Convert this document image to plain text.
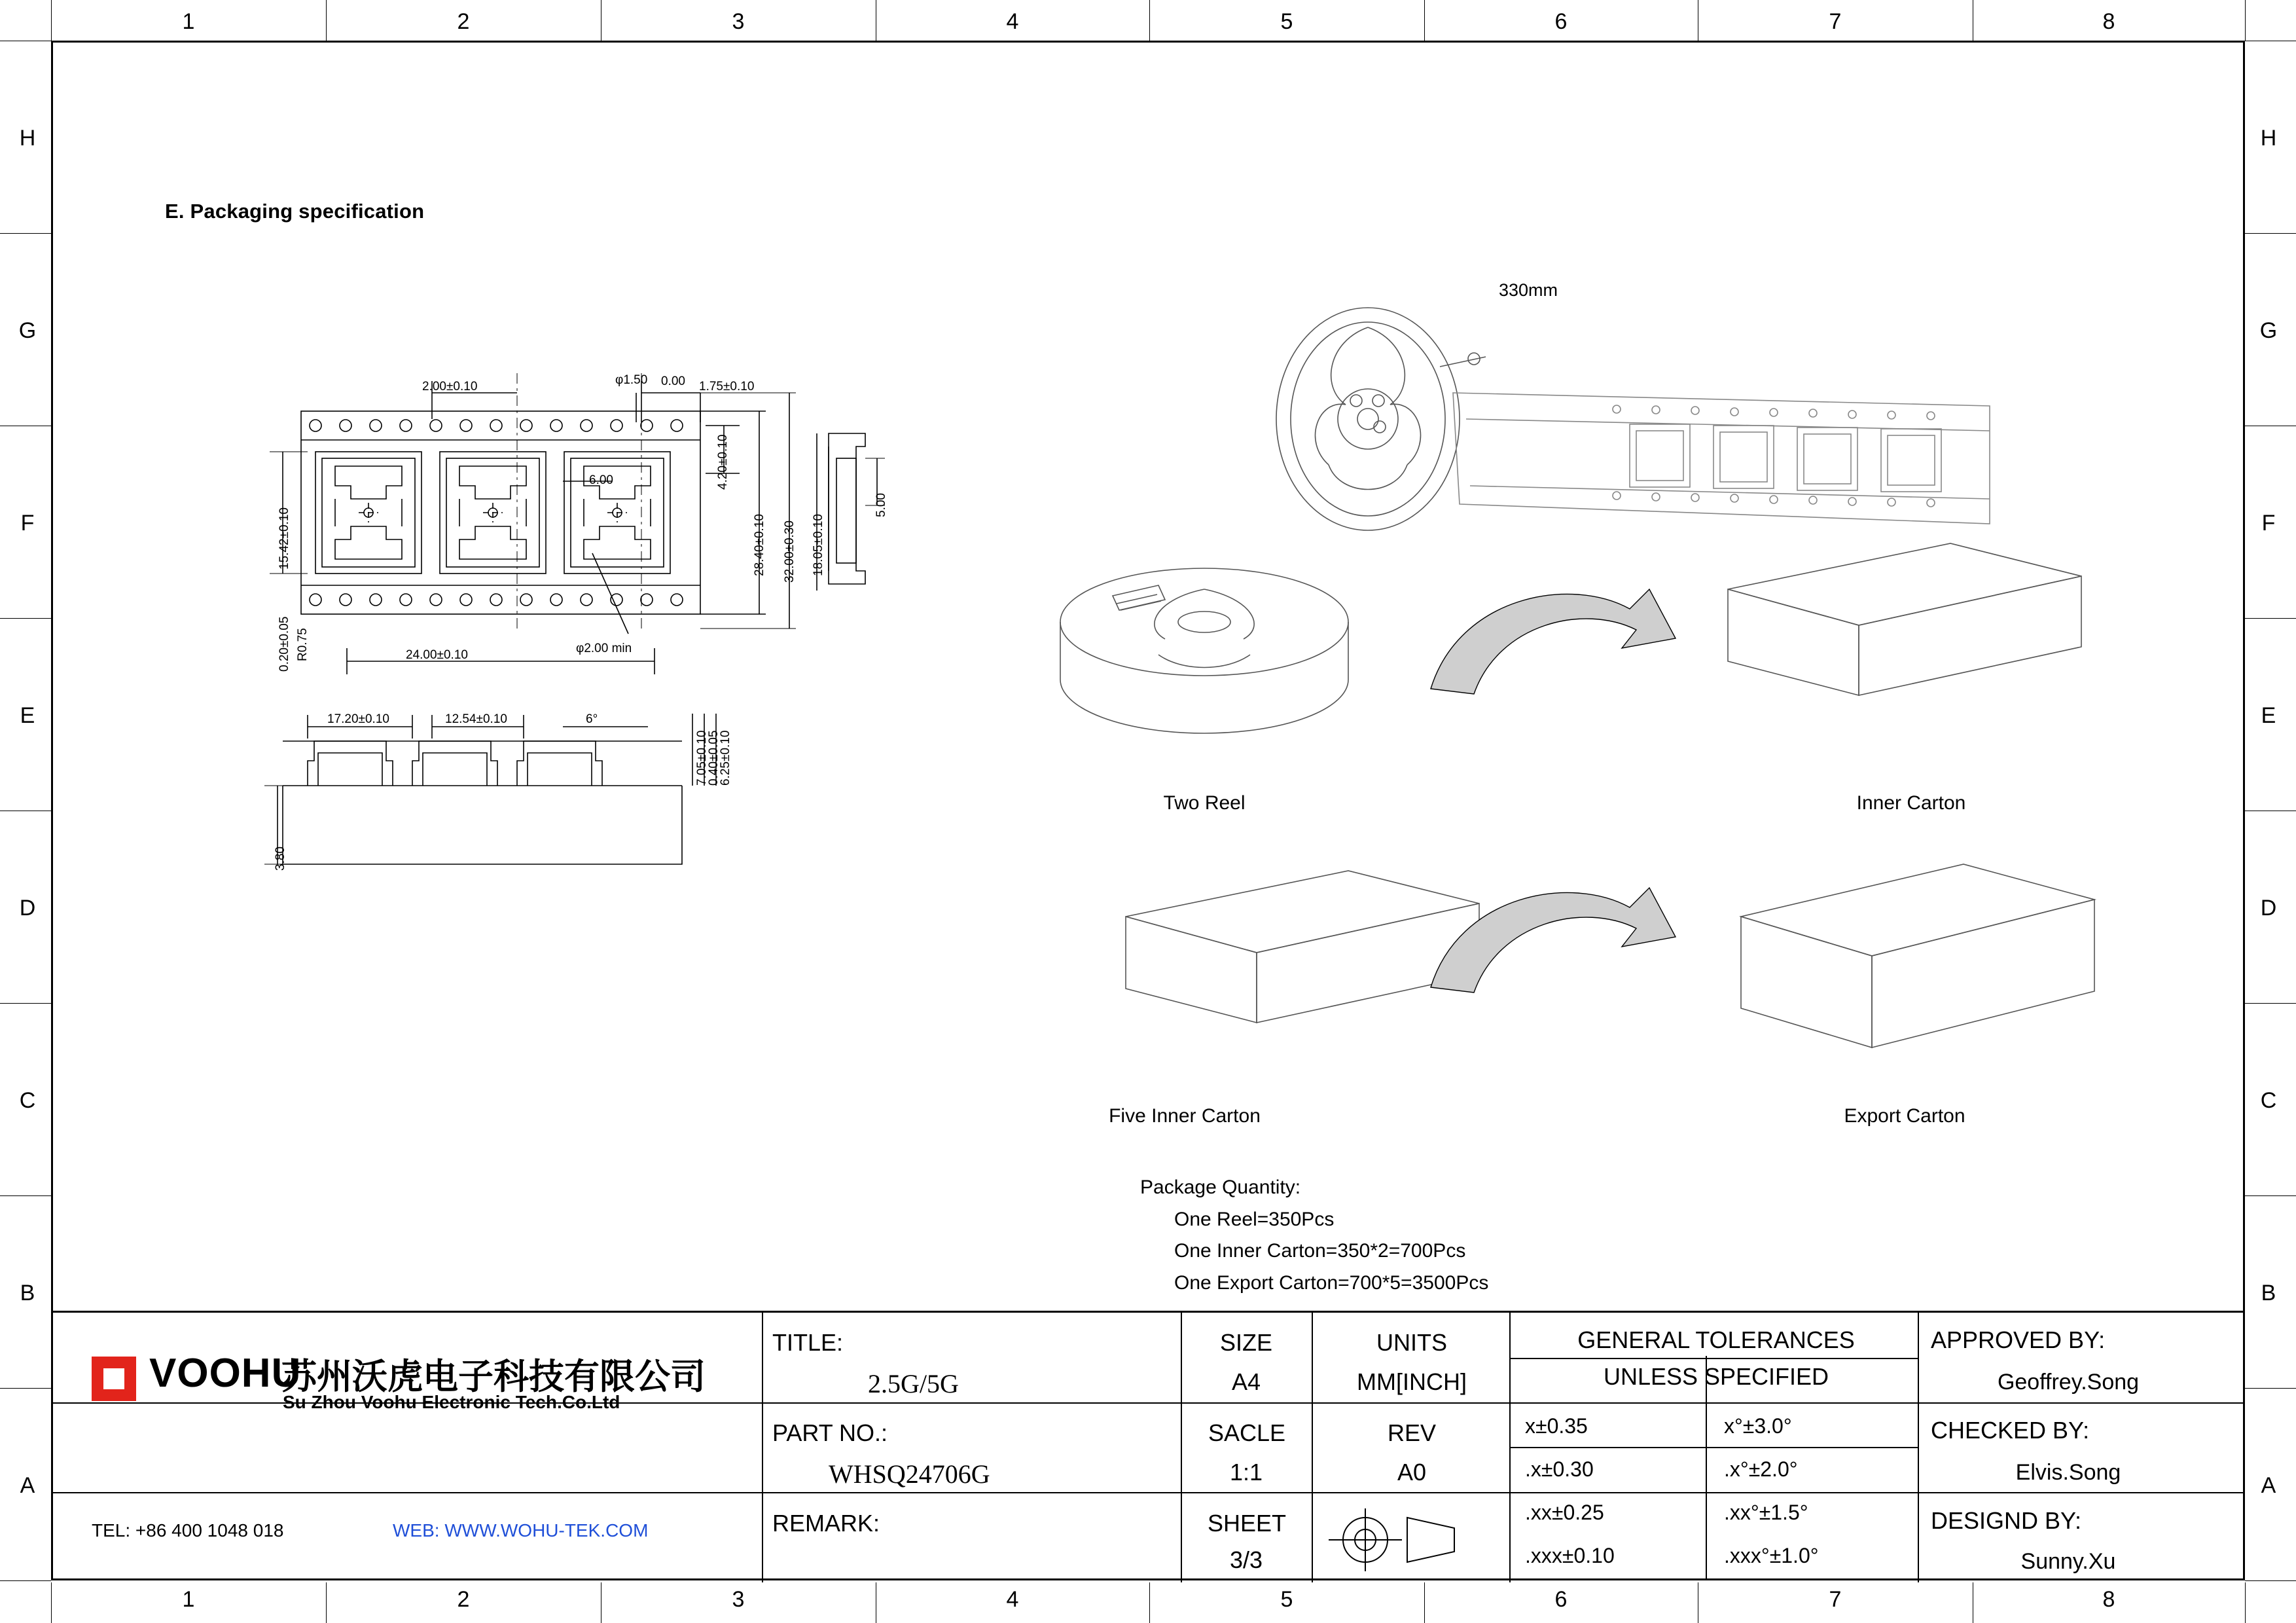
1	2	3	4	5	6	7	8
1	2	3	4	5	6	7	8
H
G
F
E
D
C
B
A
H
G
F
E
D
C
B
A
E. Packaging specification
2.00±0.10	φ1.50 0.00 1.75±0.10
6.00	4.20±0.10
28.40±0.10 32.00±0.30 18.05±0.10
5.00
15.42±0.10
R0.75
0.20±0.05	24.00±0.10	φ2.00 min
17.20±0.10	12.54±0.10	6°
7.05±0.10
0.40±0.05
6.25±0.10
3.80
330mm
Two Reel	Inner Carton
Five Inner Carton	Export Carton
Package Quantity:
One Reel=350Pcs
One Inner Carton=350*2=700Pcs
One Export Carton=700*5=3500Pcs
VOOHU
苏州沃虎电子科技有限公司
Su Zhou Voohu Electronic Tech.Co.Ltd
TEL: +86 400 1048 018	WEB: WWW.WOHU-TEK.COM
TITLE:
2.5G/5G
PART NO.:
WHSQ24706G
REMARK:
SIZE
A4
SACLE
1:1
SHEET
3/3
UNITS
MM[INCH]
REV
A0
GENERAL TOLERANCES
UNLESS SPECIFIED
x±0.35	x°±3.0°
.x±0.30	.x°±2.0°
.xx±0.25	.xx°±1.5°
.xxx±0.10	.xxx°±1.0°
APPROVED BY:
Geoffrey.Song
CHECKED BY:
Elvis.Song
DESIGND BY:
Sunny.Xu
